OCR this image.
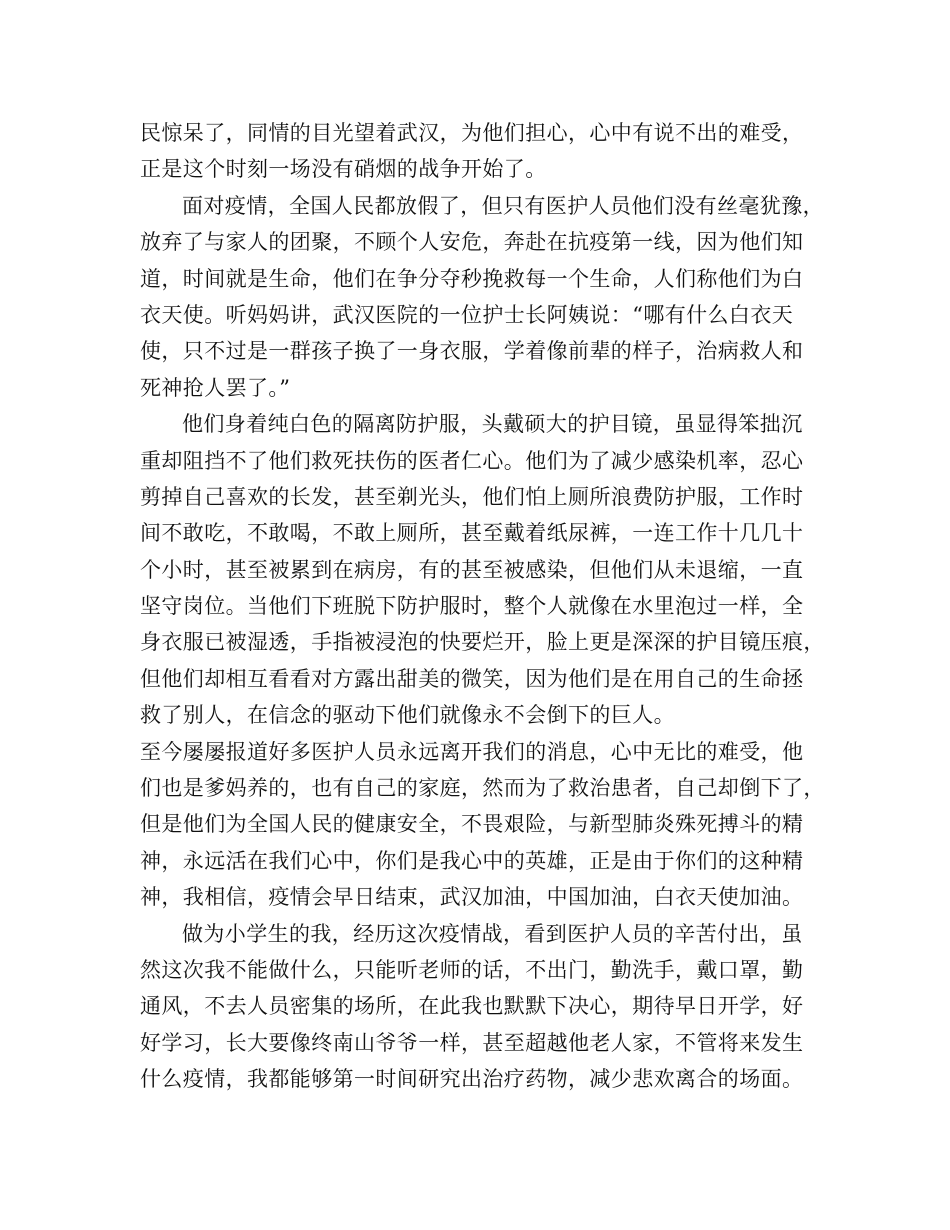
民惊呆了，同情的目光望着武汉，为他们担心，心中有说不出的难受，
正是这个时刻一场没有硝烟的战争开始了。
面对疫情，全国人民都放假了，但只有医护人员他们没有丝毫犹豫，
放弃了与家人的团聚，不顾个人安危，奔赴在抗疫第一线，因为他们知
道，时间就是生命，他们在争分夺秒挽救每一个生命，人们称他们为白
衣天使。听妈妈讲，武汉医院的一位护士长阿姨说：“哪有什么白衣天
使，只不过是一群孩子换了一身衣服，学着像前辈的样子，治病救人和
死神抢人罢了。”
他们身着纯白色的隔离防护服，头戴硕大的护目镜，虽显得笨拙沉
重却阻挡不了他们救死扶伤的医者仁心。他们为了减少感染机率，忍心
剪掉自己喜欢的长发，甚至剃光头，他们怕上厕所浪费防护服，工作时
间不敢吃，不敢喝，不敢上厕所，甚至戴着纸尿裤，一连工作十几几十
个小时，甚至被累到在病房，有的甚至被感染，但他们从未退缩，一直
坚守岗位。当他们下班脱下防护服时，整个人就像在水里泡过一样，全
身衣服已被湿透，手指被浸泡的快要烂开，脸上更是深深的护目镜压痕，
但他们却相互看看对方露出甜美的微笑，因为他们是在用自己的生命拯
救了别人，在信念的驱动下他们就像永不会倒下的巨人。
至今屡屡报道好多医护人员永远离开我们的消息，心中无比的难受，他
们也是爹妈养的，也有自己的家庭，然而为了救治患者，自己却倒下了，
但是他们为全国人民的健康安全，不畏艰险，与新型肺炎殊死搏斗的精
神，永远活在我们心中，你们是我心中的英雄，正是由于你们的这种精
神，我相信，疫情会早日结束，武汉加油，中国加油，白衣天使加油。
做为小学生的我，经历这次疫情战，看到医护人员的辛苦付出，虽
然这次我不能做什么，只能听老师的话，不出门，勤洗手，戴口罩，勤
通风，不去人员密集的场所，在此我也默默下决心，期待早日开学，好
好学习，长大要像终南山爷爷一样，甚至超越他老人家，不管将来发生
什么疫情，我都能够第一时间研究出治疗药物，减少悲欢离合的场面。
